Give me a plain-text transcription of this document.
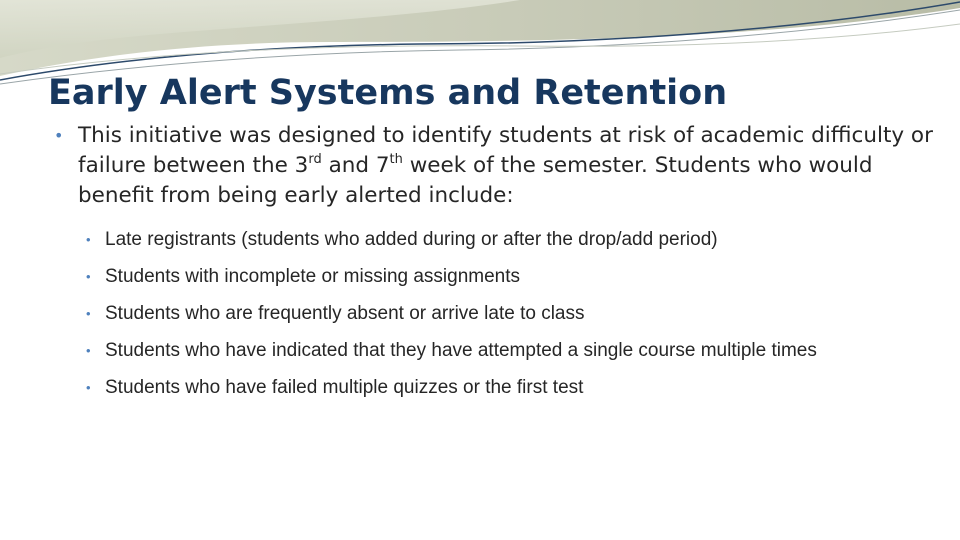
Early Alert Systems and Retention
• This initiative was designed to identify students at risk of academic difficulty or failure between the 3rd and 7th week of the semester. Students who would benefit from being early alerted include:
• Late registrants (students who added during or after the drop/add period)
• Students with incomplete or missing assignments
• Students who are frequently absent or arrive late to class
• Students who have indicated that they have attempted a single course multiple times
• Students who have failed multiple quizzes or the first test
